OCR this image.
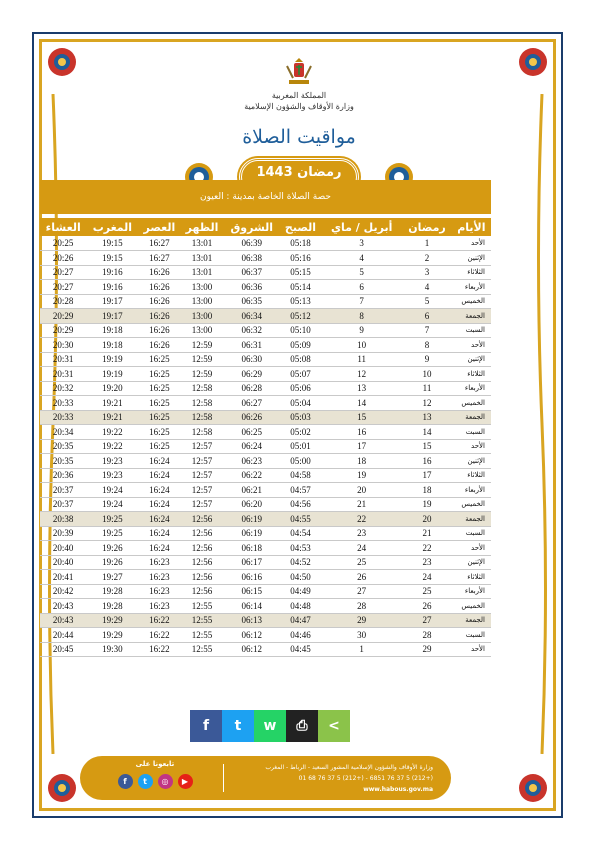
المملكة المغربية
وزارة الأوقاف والشؤون الإسلامية
مواقيت الصلاة
رمضان 1443
حصة الصلاة الخاصة بمدينة : العيون
الأيام	رمضان	أبريل / ماي	الصبح	الشروق	الظهر	العصر	المغرب	العشاء
الأحد	1	3	05:18	06:39	13:01	16:27	19:15	20:25
الإثنين	2	4	05:16	06:38	13:01	16:27	19:15	20:26
الثلاثاء	3	5	05:15	06:37	13:01	16:26	19:16	20:27
الأربعاء	4	6	05:14	06:36	13:00	16:26	19:16	20:27
الخميس	5	7	05:13	06:35	13:00	16:26	19:17	20:28
الجمعة	6	8	05:12	06:34	13:00	16:26	19:17	20:29
السبت	7	9	05:10	06:32	13:00	16:26	19:18	20:29
الأحد	8	10	05:09	06:31	12:59	16:26	19:18	20:30
الإثنين	9	11	05:08	06:30	12:59	16:25	19:19	20:31
الثلاثاء	10	12	05:07	06:29	12:59	16:25	19:19	20:31
الأربعاء	11	13	05:06	06:28	12:58	16:25	19:20	20:32
الخميس	12	14	05:04	06:27	12:58	16:25	19:21	20:33
الجمعة	13	15	05:03	06:26	12:58	16:25	19:21	20:33
السبت	14	16	05:02	06:25	12:58	16:25	19:22	20:34
الأحد	15	17	05:01	06:24	12:57	16:25	19:22	20:35
الإثنين	16	18	05:00	06:23	12:57	16:24	19:23	20:35
الثلاثاء	17	19	04:58	06:22	12:57	16:24	19:23	20:36
الأربعاء	18	20	04:57	06:21	12:57	16:24	19:24	20:37
الخميس	19	21	04:56	06:20	12:57	16:24	19:24	20:37
الجمعة	20	22	04:55	06:19	12:56	16:24	19:25	20:38
السبت	21	23	04:54	06:19	12:56	16:24	19:25	20:39
الأحد	22	24	04:53	06:18	12:56	16:24	19:26	20:40
الإثنين	23	25	04:52	06:17	12:56	16:23	19:26	20:40
الثلاثاء	24	26	04:50	06:16	12:56	16:23	19:27	20:41
الأربعاء	25	27	04:49	06:15	12:56	16:23	19:28	20:42
الخميس	26	28	04:48	06:14	12:55	16:23	19:28	20:43
الجمعة	27	29	04:47	06:13	12:55	16:22	19:29	20:43
السبت	28	30	04:46	06:12	12:55	16:22	19:29	20:44
الأحد	29	1	04:45	06:12	12:55	16:22	19:30	20:45
f t w ⎙ <
وزارة الأوقاف والشؤون الإسلامية المشور السعيد - الرباط - المغرب
(+212) 5 37 76 6851 - (+212) 5 37 76 68 01
www.habous.gov.ma
تابعونا على
f	t	◎	▶
